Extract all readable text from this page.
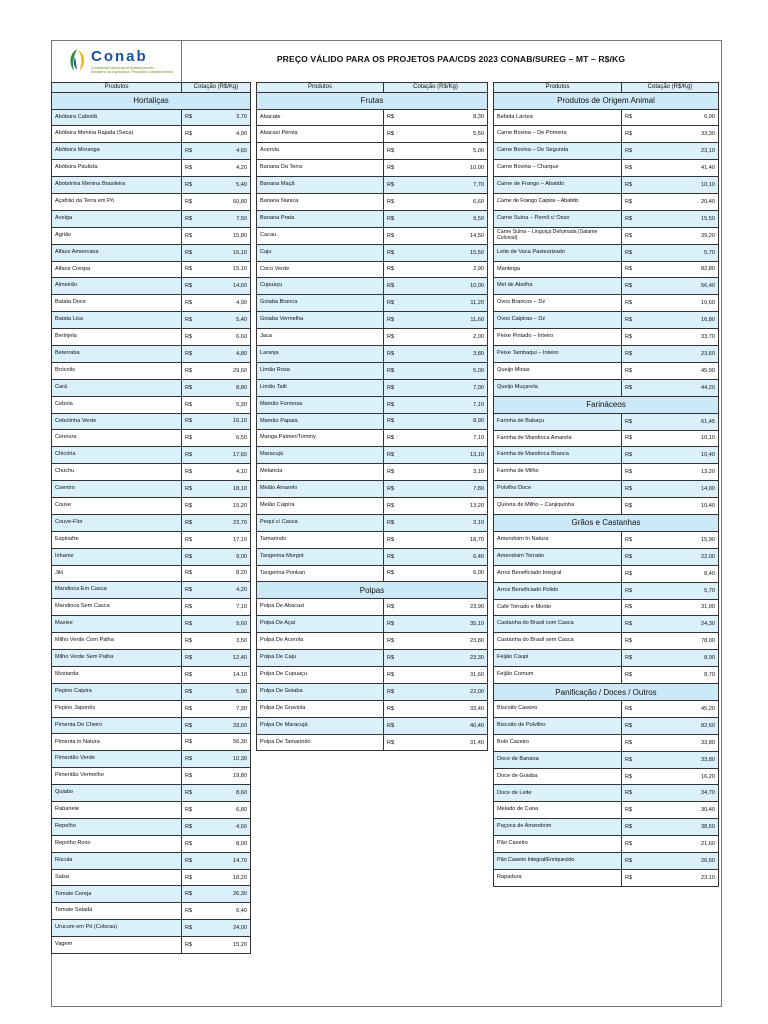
Conab
Companhia Nacional de Abastecimento
Ministério da Agricultura, Pecuária e Abastecimento
PREÇO VÁLIDO PARA OS PROJETOS PAA/CDS 2023 CONAB/SUREG – MT – R$/KG
Produtos	Cotação (R$/Kg)	
Hortaliças		
Abóbora Cabotiã	R$	3,70
Abóbora Menina Rajada (Seca)	R$	4,90
Abóbora Moranga	R$	4,60
Abóbora Paulista	R$	4,20
Abobrinha Menina Brasileira	R$	5,40
Açafrão da Terra em Pó	R$	60,80
Acelga	R$	7,50
Agrião	R$	15,80
Alface Americana	R$	15,10
Alface Crespa	R$	15,10
Almeirão	R$	14,60
Batata Doce	R$	4,90
Batata Lisa	R$	5,40
Berinjela	R$	6,60
Beterraba	R$	4,80
Brócolis	R$	29,60
Cará	R$	8,80
Cebola	R$	5,30
Cebolinha Verde	R$	16,10
Cenoura	R$	6,50
Chicória	R$	17,60
Chuchu	R$	4,10
Coentro	R$	18,10
Couve	R$	15,20
Couve-Flor	R$	23,70
Espinafre	R$	17,10
Inhame	R$	9,00
Jiló	R$	8,20
Mandioca Em Casca	R$	4,20
Mandioca Sem Casca	R$	7,10
Maxixe	R$	9,60
Milho Verde Com Palha	R$	3,50
Milho Verde Sem Palha	R$	12,40
Mostarda	R$	14,10
Pepino Caipira	R$	5,90
Pepino Japonês	R$	7,30
Pimenta De Cheiro	R$	33,60
Pimenta in Natura	R$	56,30
Pimentão Verde	R$	10,30
Pimentão Vermelho	R$	19,80
Quiabo	R$	8,60
Rabanete	R$	6,80
Repolho	R$	4,60
Repolho Roxo	R$	8,00
Rúcula	R$	14,70
Salsa	R$	18,20
Tomate Cereja	R$	26,30
Tomate Salada	R$	6,40
Urucum em Pó (Colorau)	R$	24,00
Vagem	R$	15,20
Produtos	Cotação (R$/Kg)	
Frutas		
Abacate	R$	8,30
Abacaxi Pérola	R$	5,50
Acerola	R$	5,00
Banana Da Terra	R$	10,00
Banana Maçã	R$	7,70
Banana Nanica	R$	6,60
Banana Prata	R$	9,50
Cacau	R$	14,50
Caju	R$	15,50
Coco Verde	R$	2,90
Cupuaçu	R$	10,00
Goiaba Branca	R$	11,20
Goiaba Vermelha	R$	11,60
Jaca	R$	2,00
Laranja	R$	3,80
Limão Rosa	R$	5,00
Limão Taiti	R$	7,00
Mamão Formosa	R$	7,10
Mamão Papaia	R$	8,90
Manga Palmer/Tommy	R$	7,10
Maracujá	R$	13,10
Melancia	R$	3,10
Melão Amarelo	R$	7,80
Melão Caipira	R$	13,20
Pequi c/ Casca	R$	3,10
Tamarindo	R$	18,70
Tangerina Morgot	R$	6,40
Tangerina Ponkan	R$	6,00
Polpas		
Polpa De Abacaxi	R$	23,90
Polpa De Açaí	R$	35,10
Polpa De Acerola	R$	23,80
Polpa De Caju	R$	23,30
Polpa De Cupuaçu	R$	31,60
Polpa De Goiaba	R$	22,00
Polpa De Graviola	R$	33,40
Polpa De Maracujá	R$	40,40
Polpa De Tamarindo	R$	31,40
Produtos	Cotação (R$/Kg)	
Produtos de Origem Animal		
Bebida Láctea	R$	6,00
Carne Bovina – De Primeira	R$	33,30
Carne Bovina – De Segunda	R$	23,10
Carne Bovina – Charque	R$	41,40
Carne de Frango – Abatido	R$	10,10
Carne de Frango Caipira – Abatido	R$	20,40
Carne Suína – Pernil c/ Osso	R$	15,50
Carne Suína – Linguiça Defumada (Salame Colonial)	R$	39,20
Leite de Vaca Pasteurizado	R$	5,70
Manteiga	R$	82,80
Mel de Abelha	R$	56,40
Ovos Brancos – Dz	R$	10,60
Ovos Caipiras – Dz	R$	16,80
Peixe Pintado – Inteiro	R$	33,70
Peixe Tambaqui – Inteiro	R$	23,60
Queijo Minas	R$	45,90
Queijo Muçarela	R$	44,20
Farináceos		
Farinha de Babaçu	R$	61,45
Farinha de Mandioca Amarela	R$	10,10
Farinha de Mandioca Branca	R$	10,40
Farinha de Milho	R$	13,20
Polvilho Doce	R$	14,00
Quirera de Milho – Canjiquinha	R$	10,40
Grãos e Castanhas		
Amendoim In Natura	R$	15,90
Amendoim Torrado	R$	22,00
Arroz Beneficiado Integral	R$	8,40
Arroz Beneficiado Polido	R$	5,70
Café Torrado e Moído	R$	31,00
Castanha do Brasil com Casca	R$	24,30
Castanha do Brasil sem Casca	R$	78,00
Feijão Caupi	R$	8,90
Feijão Comum	R$	8,70
Panificação / Doces / Outros		
Biscoito Caseiro	R$	45,20
Biscoito de Polvilho	R$	82,60
Bolo Caseiro	R$	33,80
Doce de Banana	R$	33,80
Doce de Goiaba	R$	16,20
Doce de Leite	R$	34,70
Melado de Cana	R$	30,40
Paçoca de Amendoim	R$	38,50
Pão Caseiro	R$	21,60
Pão Caseiro Integral/Enriquecido	R$	26,60
Rapadura	R$	23,10
